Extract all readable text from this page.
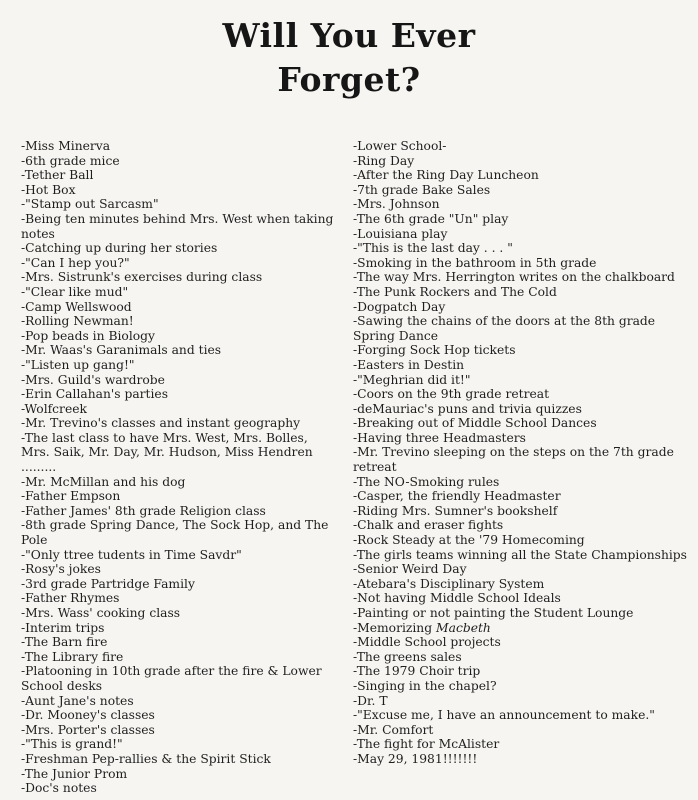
Will You Ever
Forget?
-Miss Minerva
-6th grade mice
-Tether Ball
-Hot Box
-"Stamp out Sarcasm"
-Being ten minutes behind Mrs. West when taking notes
-Catching up during her stories
-"Can I hep you?"
-Mrs. Sistrunk's exercises during class
-"Clear like mud"
-Camp Wellswood
-Rolling Newman!
-Pop beads in Biology
-Mr. Waas's Garanimals and ties
-"Listen up gang!"
-Mrs. Guild's wardrobe
-Erin Callahan's parties
-Wolfcreek
-Mr. Trevino's classes and instant geography
-The last class to have Mrs. West, Mrs. Bolles, Mrs. Saik, Mr. Day, Mr. Hudson, Miss Hendren .........
-Mr. McMillan and his dog
-Father Empson
-Father James' 8th grade Religion class
-8th grade Spring Dance, The Sock Hop, and The Pole
-"Only ttree tudents in Time Savdr"
-Rosy's jokes
-3rd grade Partridge Family
-Father Rhymes
-Mrs. Wass' cooking class
-Interim trips
-The Barn fire
-The Library fire
-Platooning in 10th grade after the fire & Lower School desks
-Aunt Jane's notes
-Dr. Mooney's classes
-Mrs. Porter's classes
-"This is grand!"
-Freshman Pep-rallies & the Spirit Stick
-The Junior Prom
-Doc's notes
-Lower School-
-Ring Day
-After the Ring Day Luncheon
-7th grade Bake Sales
-Mrs. Johnson
-The 6th grade "Un" play
-Louisiana play
-"This is the last day . . . "
-Smoking in the bathroom in 5th grade
-The way Mrs. Herrington writes on the chalkboard
-The Punk Rockers and The Cold
-Dogpatch Day
-Sawing the chains of the doors at the 8th grade Spring Dance
-Forging Sock Hop tickets
-Easters in Destin
-"Meghrian did it!"
-Coors on the 9th grade retreat
-deMauriac's puns and trivia quizzes
-Breaking out of Middle School Dances
-Having three Headmasters
-Mr. Trevino sleeping on the steps on the 7th grade retreat
-The NO-Smoking rules
-Casper, the friendly Headmaster
-Riding Mrs. Sumner's bookshelf
-Chalk and eraser fights
-Rock Steady at the '79 Homecoming
-The girls teams winning all the State Championships
-Senior Weird Day
-Atebara's Disciplinary System
-Not having Middle School Ideals
-Painting or not painting the Student Lounge
-Memorizing Macbeth
-Middle School projects
-The greens sales
-The 1979 Choir trip
-Singing in the chapel?
-Dr. T
-"Excuse me, I have an announcement to make."
-Mr. Comfort
-The fight for McAlister
-May 29, 1981!!!!!!!
